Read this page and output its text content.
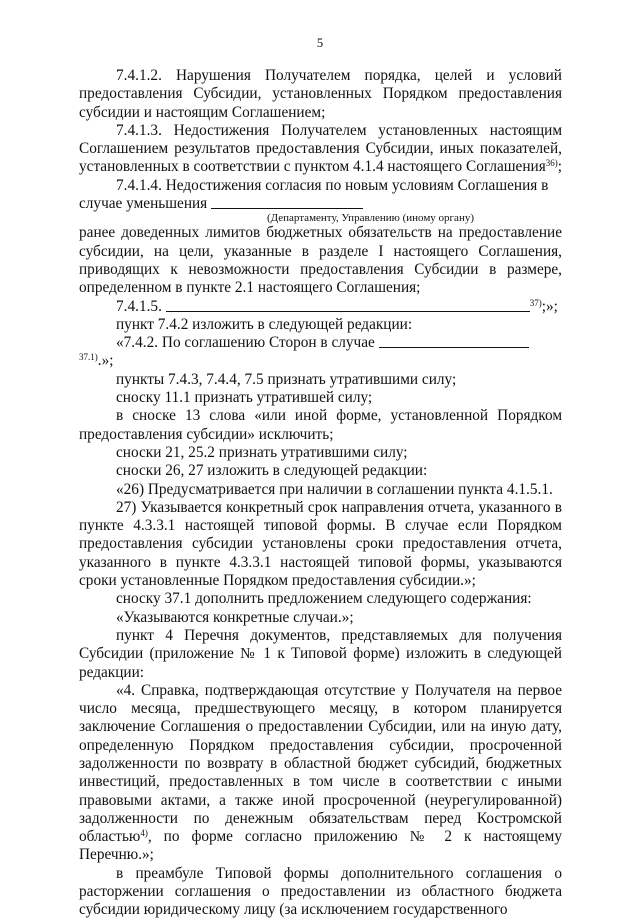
5

7.4.1.2. Нарушения Получателем порядка, целей и условий предоставления Субсидии, установленных Порядком предоставления субсидии и настоящим Соглашением;

7.4.1.3. Недостижения Получателем установленных настоящим Соглашением результатов предоставления Субсидии, иных показателей, установленных в соответствии с пунктом 4.1.4 настоящего Соглашения$^{36)}$;

7.4.1.4. Недостижения согласия по новым условиям Соглашения в случае уменьшения

(Департаменту, Управлению (иному органу)

ранее доведенных лимитов бюджетных обязательств на предоставление субсидии, на цели, указанные в разделе I настоящего Соглашения, приводящих к невозможности предоставления Субсидии в размере, определенном в пункте 2.1 настоящего Соглашения;

7.4.1.5.	$^{37)}$;»;

пункт 7.4.2 изложить в следующей редакции:

«7.4.2. По соглашению Сторон в случае $^{37.1)}$.»;

пункты 7.4.3, 7.4.4, 7.5 признать утратившими силу;

сноску 11.1 признать утратившей силу;

в сноске 13 слова «или иной форме, установленной Порядком предоставления субсидии» исключить;

сноски 21, 25.2 признать утратившими силу;

сноски 26, 27 изложить в следующей редакции:

«26) Предусматривается при наличии в соглашении пункта 4.1.5.1.

27) Указывается конкретный срок направления отчета, указанного в пункте 4.3.3.1 настоящей типовой формы. В случае если Порядком предоставления субсидии установлены сроки предоставления отчета, указанного в пункте 4.3.3.1 настоящей типовой формы, указываются сроки установленные Порядком предоставления субсидии.»;

сноску 37.1 дополнить предложением следующего содержания:

«Указываются конкретные случаи.»;

пункт 4 Перечня документов, представляемых для получения Субсидии (приложение № 1 к Типовой форме) изложить в следующей редакции:

«4. Справка, подтверждающая отсутствие у Получателя на первое число месяца, предшествующего месяцу, в котором планируется заключение Соглашения о предоставлении Субсидии, или на иную дату, определенную Порядком предоставления субсидии, просроченной задолженности по возврату в областной бюджет субсидий, бюджетных инвестиций, предоставленных в том числе в соответствии с иными правовыми актами, а также иной просроченной (неурегулированной) задолженности по денежным обязательствам перед Костромской областью$^{4)}$, по форме согласно приложению № 2 к настоящему Перечню.»;

в преамбуле Типовой формы дополнительного соглашения о расторжении соглашения о предоставлении из областного бюджета субсидии юридическому лицу (за исключением государственного
